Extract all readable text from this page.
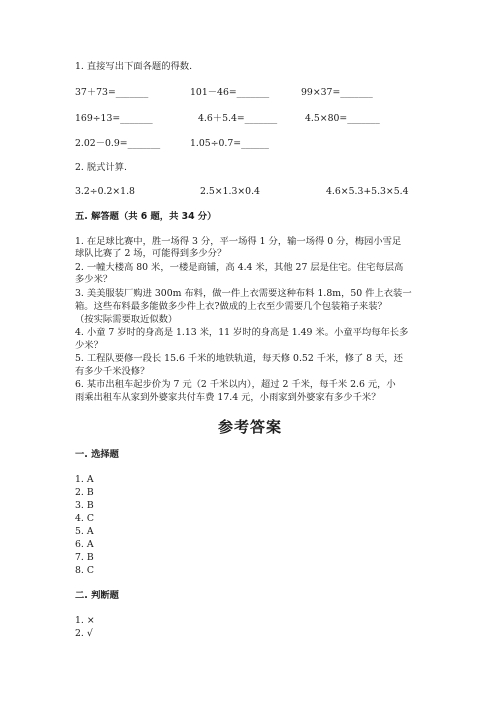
1. 直接写出下面各题的得数.
37＋73=_______	101－46=_______	99×37=_______
169÷13=_______	4.6＋5.4=_______	4.5×80=_______
2.02－0.9=_______	1.05÷0.7=______
2. 脱式计算.
3.2÷0.2×1.8	2.5×1.3×0.4	4.6×5.3+5.3×5.4
五. 解答题（共 6 题，共 34 分）
1. 在足球比赛中，胜一场得 3 分，平一场得 1 分，输一场得 0 分，梅园小雪足
球队比赛了 2 场，可能得到多少分？
2. 一幢大楼高 80 米，一楼是商铺，高 4.4 米，其他 27 层是住宅。住宅每层高
多少米？
3. 美美服装厂购进 300m 布料，做一件上衣需要这种布料 1.8m，50 件上衣装一
箱。这些布料最多能做多少件上衣?做成的上衣至少需要几个包装箱子来装？
（按实际需要取近似数）
4. 小童 7 岁时的身高是 1.13 米，11 岁时的身高是 1.49 米。小童平均每年长多
少米？
5. 工程队要修一段长 15.6 千米的地铁轨道，每天修 0.52 千米，修了 8 天，还
有多少千米没修？
6. 某市出租车起步价为 7 元（2 千米以内），超过 2 千米，每千米 2.6 元，小
雨乘出租车从家到外婆家共付车费 17.4 元，小雨家到外婆家有多少千米？
参考答案
一. 选择题
1. A
2. B
3. B
4. C
5. A
6. A
7. B
8. C
二. 判断题
1. ×
2. √
